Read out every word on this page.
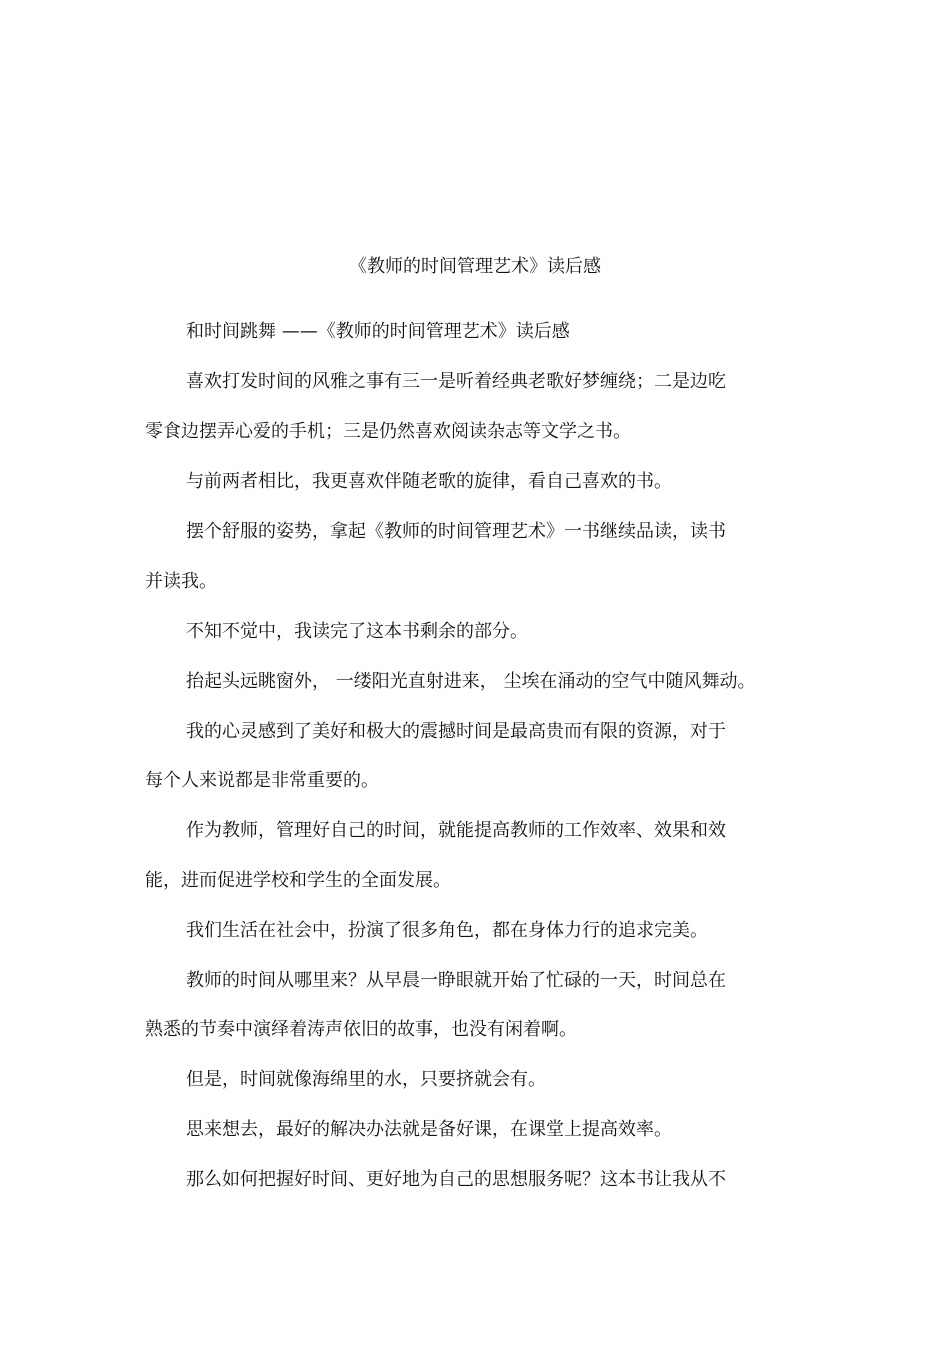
《教师的时间管理艺术》读后感
和时间跳舞 ——《教师的时间管理艺术》读后感
喜欢打发时间的风雅之事有三一是听着经典老歌好梦缠绕；二是边吃
零食边摆弄心爱的手机；三是仍然喜欢阅读杂志等文学之书。
与前两者相比，我更喜欢伴随老歌的旋律，看自己喜欢的书。
摆个舒服的姿势，拿起《教师的时间管理艺术》一书继续品读，读书
并读我。
不知不觉中，我读完了这本书剩余的部分。
抬起头远眺窗外， 一缕阳光直射进来， 尘埃在涌动的空气中随风舞动。
我的心灵感到了美好和极大的震撼时间是最高贵而有限的资源，对于
每个人来说都是非常重要的。
作为教师，管理好自己的时间，就能提高教师的工作效率、效果和效
能，进而促进学校和学生的全面发展。
我们生活在社会中，扮演了很多角色，都在身体力行的追求完美。
教师的时间从哪里来？从早晨一睁眼就开始了忙碌的一天，时间总在
熟悉的节奏中演绎着涛声依旧的故事，也没有闲着啊。
但是，时间就像海绵里的水，只要挤就会有。
思来想去，最好的解决办法就是备好课，在课堂上提高效率。
那么如何把握好时间、更好地为自己的思想服务呢？这本书让我从不
